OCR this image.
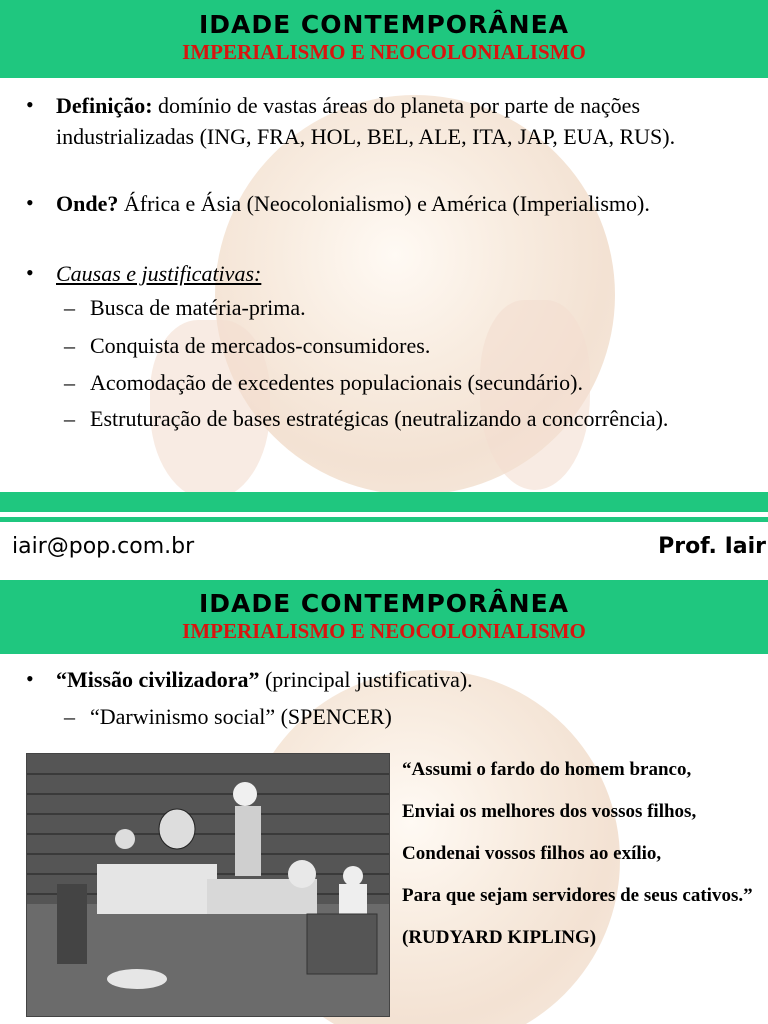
IDADE CONTEMPORÂNEA
IMPERIALISMO E NEOCOLONIALISMO
• Definição: domínio de vastas áreas do planeta por parte de nações industrializadas (ING, FRA, HOL, BEL, ALE, ITA, JAP, EUA, RUS).
• Onde? África e Ásia (Neocolonialismo) e América (Imperialismo).
• Causas e justificativas:
– Busca de matéria-prima.
– Conquista de mercados-consumidores.
– Acomodação de excedentes populacionais (secundário).
– Estruturação de bases estratégicas (neutralizando a concorrência).
iair@pop.com.br	Prof. Iair
IDADE CONTEMPORÂNEA
IMPERIALISMO E NEOCOLONIALISMO
• “Missão civilizadora” (principal justificativa).
– “Darwinismo social” (SPENCER)

“Assumi o fardo do homem branco,

Enviai os melhores dos vossos filhos,

Condenai vossos filhos ao exílio,

Para que sejam servidores de seus cativos.”

(RUDYARD KIPLING)
